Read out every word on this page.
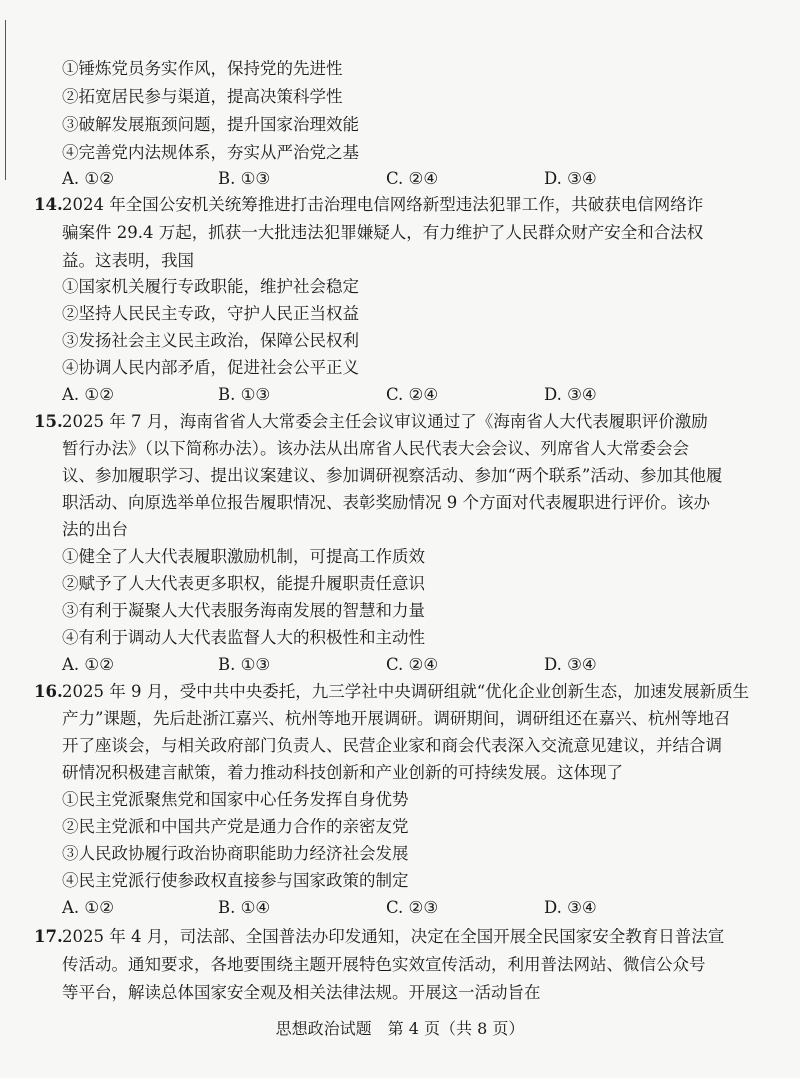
①锤炼党员务实作风，保持党的先进性
②拓宽居民参与渠道，提高决策科学性
③破解发展瓶颈问题，提升国家治理效能
④完善党内法规体系，夯实从严治党之基
A. ①②	B. ①③	C. ②④	D. ③④
14. 2024 年全国公安机关统筹推进打击治理电信网络新型违法犯罪工作，共破获电信网络诈
骗案件 29.4 万起，抓获一大批违法犯罪嫌疑人，有力维护了人民群众财产安全和合法权
益。这表明，我国
①国家机关履行专政职能，维护社会稳定
②坚持人民民主专政，守护人民正当权益
③发扬社会主义民主政治，保障公民权利
④协调人民内部矛盾，促进社会公平正义
A. ①②	B. ①③	C. ②④	D. ③④
15. 2025 年 7 月，海南省省人大常委会主任会议审议通过了《海南省人大代表履职评价激励
暂行办法》（以下简称办法）。该办法从出席省人民代表大会会议、列席省人大常委会会
议、参加履职学习、提出议案建议、参加调研视察活动、参加“两个联系”活动、参加其他履
职活动、向原选举单位报告履职情况、表彰奖励情况 9 个方面对代表履职进行评价。该办
法的出台
①健全了人大代表履职激励机制，可提高工作质效
②赋予了人大代表更多职权，能提升履职责任意识
③有利于凝聚人大代表服务海南发展的智慧和力量
④有利于调动人大代表监督人大的积极性和主动性
A. ①②	B. ①③	C. ②④	D. ③④
16. 2025 年 9 月，受中共中央委托，九三学社中央调研组就“优化企业创新生态，加速发展新质生
产力”课题，先后赴浙江嘉兴、杭州等地开展调研。调研期间，调研组还在嘉兴、杭州等地召
开了座谈会，与相关政府部门负责人、民营企业家和商会代表深入交流意见建议，并结合调
研情况积极建言献策，着力推动科技创新和产业创新的可持续发展。这体现了
①民主党派聚焦党和国家中心任务发挥自身优势
②民主党派和中国共产党是通力合作的亲密友党
③人民政协履行政治协商职能助力经济社会发展
④民主党派行使参政权直接参与国家政策的制定
A. ①②	B. ①④	C. ②③	D. ③④
17. 2025 年 4 月，司法部、全国普法办印发通知，决定在全国开展全民国家安全教育日普法宣
传活动。通知要求，各地要围绕主题开展特色实效宣传活动，利用普法网站、微信公众号
等平台，解读总体国家安全观及相关法律法规。开展这一活动旨在
思想政治试题　第 4 页（共 8 页）
